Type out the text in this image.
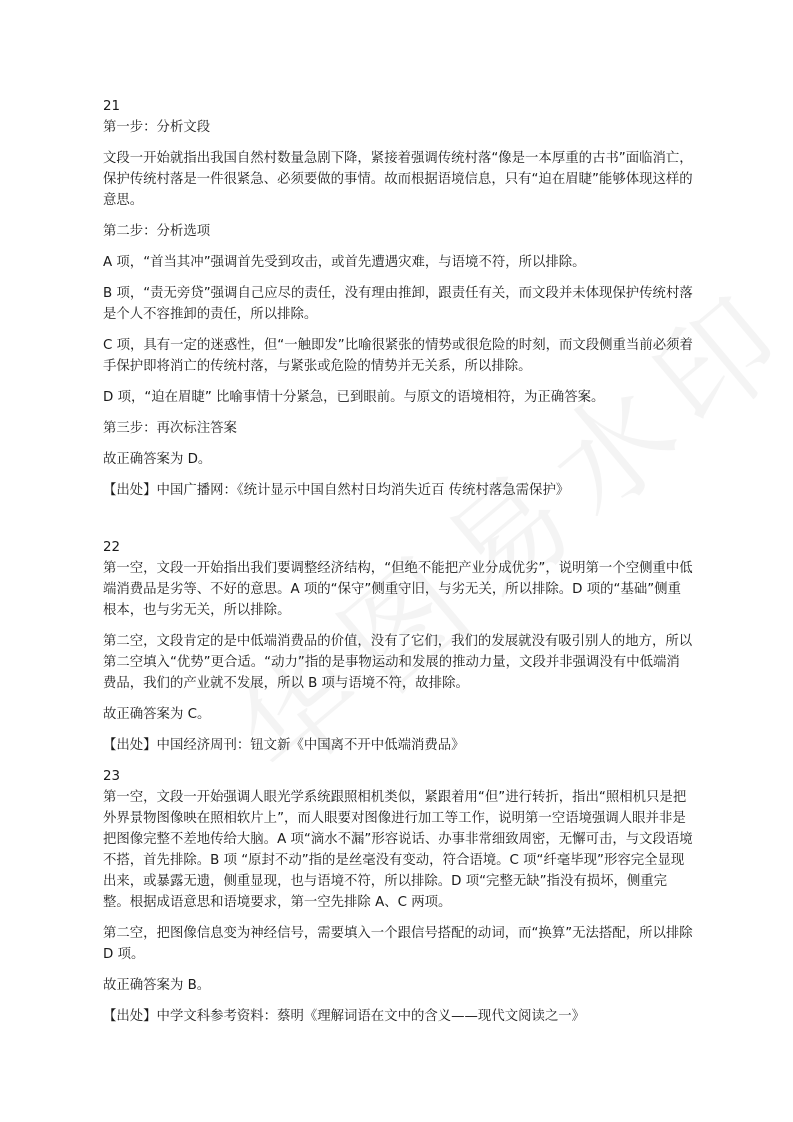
21

第一步：分析文段

文段一开始就指出我国自然村数量急剧下降，紧接着强调传统村落“像是一本厚重的古书”面临消亡，保护传统村落是一件很紧急、必须要做的事情。故而根据语境信息，只有“迫在眉睫”能够体现这样的意思。

第二步：分析选项

A 项，“首当其冲”强调首先受到攻击，或首先遭遇灾难，与语境不符，所以排除。

B 项，“责无旁贷”强调自己应尽的责任，没有理由推卸，跟责任有关，而文段并未体现保护传统村落是个人不容推卸的责任，所以排除。

C 项，具有一定的迷惑性，但“一触即发”比喻很紧张的情势或很危险的时刻，而文段侧重当前必须着手保护即将消亡的传统村落，与紧张或危险的情势并无关系，所以排除。

D 项，“迫在眉睫” 比喻事情十分紧急，已到眼前。与原文的语境相符，为正确答案。

第三步：再次标注答案

故正确答案为 D。

【出处】中国广播网：《统计显示中国自然村日均消失近百 传统村落急需保护》

22

第一空，文段一开始指出我们要调整经济结构，“但绝不能把产业分成优劣”，说明第一个空侧重中低端消费品是劣等、不好的意思。A 项的“保守”侧重守旧，与劣无关，所以排除。D 项的“基础”侧重根本，也与劣无关，所以排除。

第二空，文段肯定的是中低端消费品的价值，没有了它们，我们的发展就没有吸引别人的地方，所以第二空填入“优势”更合适。“动力”指的是事物运动和发展的推动力量，文段并非强调没有中低端消费品，我们的产业就不发展，所以 B 项与语境不符，故排除。

故正确答案为 C。

【出处】中国经济周刊：钮文新《中国离不开中低端消费品》

23

第一空，文段一开始强调人眼光学系统跟照相机类似，紧跟着用“但”进行转折，指出“照相机只是把外界景物图像映在照相软片上”，而人眼要对图像进行加工等工作，说明第一空语境强调人眼并非是把图像完整不差地传给大脑。A 项“滴水不漏”形容说话、办事非常细致周密，无懈可击，与文段语境不搭，首先排除。B 项 “原封不动”指的是丝毫没有变动，符合语境。C 项“纤毫毕现”形容完全显现出来，或暴露无遗，侧重显现，也与语境不符，所以排除。D 项“完整无缺”指没有损坏，侧重完整。根据成语意思和语境要求，第一空先排除 A、C 两项。

第二空，把图像信息变为神经信号，需要填入一个跟信号搭配的动词，而“换算”无法搭配，所以排除 D 项。

故正确答案为 B。

【出处】中学文科参考资料：蔡明《理解词语在文中的含义——现代文阅读之一》
